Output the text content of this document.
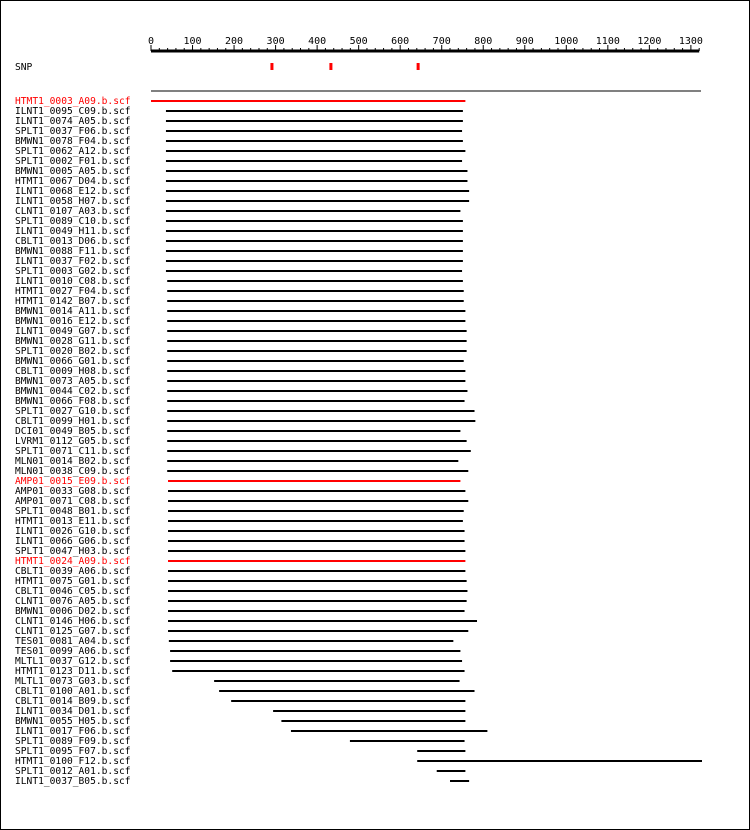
0	100 200 300 400 500 600 700 800 900 1000 1100 1200 1300
SNP
HTMT1_0003_A09.b.scf
ILNT1_0095_C09.b.scf
ILNT1_0074_A05.b.scf
SPLT1_0037_F06.b.scf
BMWN1_0078_F04.b.scf
SPLT1_0062_A12.b.scf
SPLT1_0002_F01.b.scf
BMWN1_0005_A05.b.scf
HTMT1_0067_D04.b.scf
ILNT1_0068_E12.b.scf
ILNT1_0058_H07.b.scf
CLNT1_0107_A03.b.scf
SPLT1_0089_C10.b.scf
ILNT1_0049_H11.b.scf
CBLT1_0013_D06.b.scf
BMWN1_0088_F11.b.scf
ILNT1_0037_F02.b.scf
SPLT1_0003_G02.b.scf
ILNT1_0010_C08.b.scf
HTMT1_0027_F04.b.scf
HTMT1_0142_B07.b.scf
BMWN1_0014_A11.b.scf
BMWN1_0016_E12.b.scf
ILNT1_0049_G07.b.scf
BMWN1_0028_G11.b.scf
SPLT1_0020_B02.b.scf
BMWN1_0066_G01.b.scf
CBLT1_0009_H08.b.scf
BMWN1_0073_A05.b.scf
BMWN1_0044_C02.b.scf
BMWN1_0066_F08.b.scf
SPLT1_0027_G10.b.scf
CBLT1_0099_H01.b.scf
DCI01_0049_B05.b.scf
LVRM1_0112_G05.b.scf
SPLT1_0071_C11.b.scf
MLN01_0014_B02.b.scf
MLN01_0038_C09.b.scf
AMP01_0015_E09.b.scf
AMP01_0033_G08.b.scf
AMP01_0071_C08.b.scf
SPLT1_0048_B01.b.scf
HTMT1_0013_E11.b.scf
ILNT1_0026_G10.b.scf
ILNT1_0066_G06.b.scf
SPLT1_0047_H03.b.scf
HTMT1_0024_A09.b.scf
CBLT1_0039_A06.b.scf
HTMT1_0075_G01.b.scf
CBLT1_0046_C05.b.scf
CLNT1_0076_A05.b.scf
BMWN1_0006_D02.b.scf
CLNT1_0146_H06.b.scf
CLNT1_0125_G07.b.scf
TES01_0081_A04.b.scf
TES01_0099_A06.b.scf
MLTL1_0037_G12.b.scf
HTMT1_0123_D11.b.scf
MLTL1_0073_G03.b.scf
CBLT1_0100_A01.b.scf
CBLT1_0014_B09.b.scf
ILNT1_0034_D01.b.scf
BMWN1_0055_H05.b.scf
ILNT1_0017_F06.b.scf
SPLT1_0089_F09.b.scf
SPLT1_0095_F07.b.scf
HTMT1_0100_F12.b.scf
SPLT1_0012_A01.b.scf
ILNT1_0037_B05.b.scf
